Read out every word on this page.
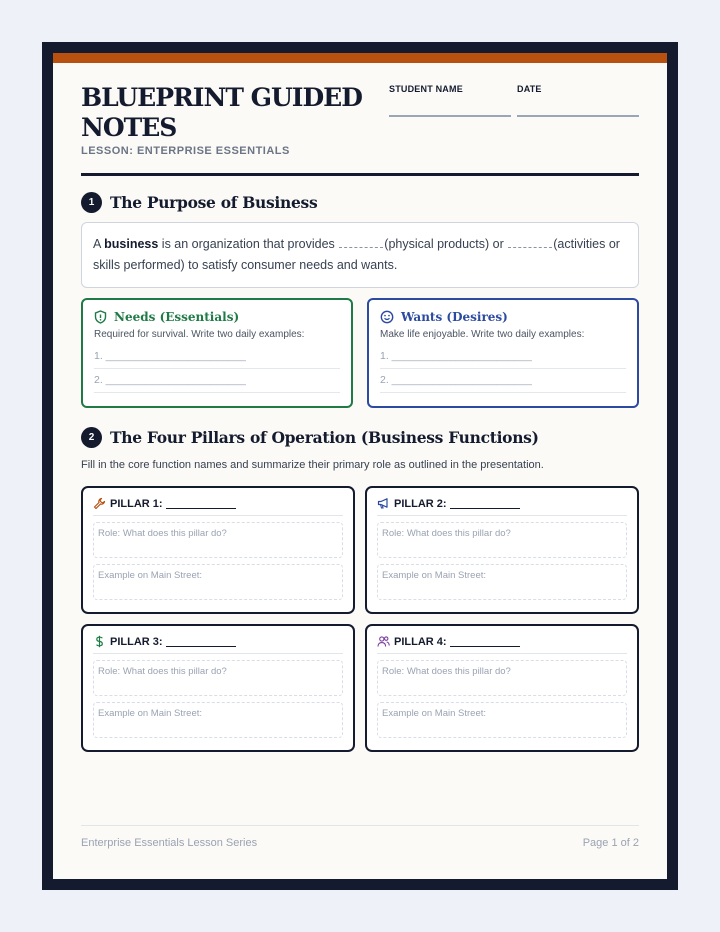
BLUEPRINT GUIDED NOTES
LESSON: ENTERPRISE ESSENTIALS
STUDENT NAME	DATE
1	The Purpose of Business
A business is an organization that provides	(physical products) or	(activities or skills performed) to satisfy consumer needs and wants.
Needs (Essentials)
Required for survival. Write two daily examples:
1. ________________________
2. ________________________
Wants (Desires)
Make life enjoyable. Write two daily examples:
1. ________________________
2. ________________________
2	The Four Pillars of Operation (Business Functions)
Fill in the core function names and summarize their primary role as outlined in the presentation.
PILLAR 1:
Role: What does this pillar do?
Example on Main Street:
PILLAR 2:
Role: What does this pillar do?
Example on Main Street:
PILLAR 3:
Role: What does this pillar do?
Example on Main Street:
PILLAR 4:
Role: What does this pillar do?
Example on Main Street:
Enterprise Essentials Lesson Series	Page 1 of 2
